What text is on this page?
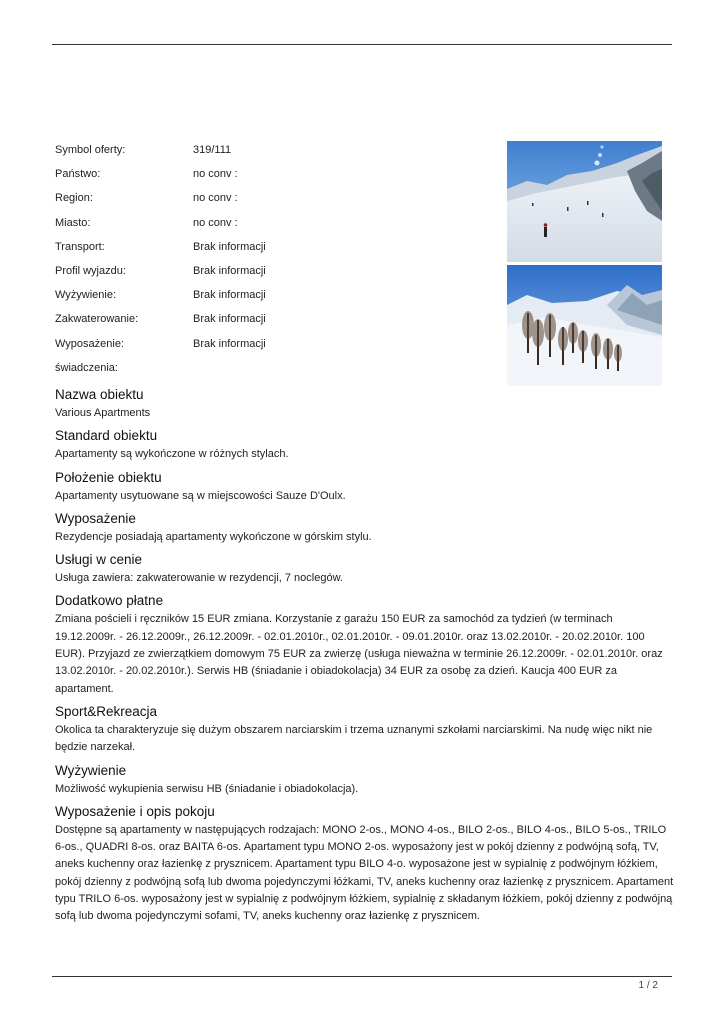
Symbol oferty:	319/111
Państwo:	no conv :
Region:	no conv :
Miasto:	no conv :
Transport:	Brak informacji
Profil wyjazdu:	Brak informacji
Wyżywienie:	Brak informacji
Zakwaterowanie:	Brak informacji
Wyposażenie:	Brak informacji
świadczenia:	
Nazwa obiektu

Various Apartments

Standard obiektu

Apartamenty są wykończone w różnych stylach.

Położenie obiektu

Apartamenty usytuowane są w miejscowości Sauze D'Oulx.

Wyposażenie

Rezydencje posiadają apartamenty wykończone w górskim stylu.

Usługi w cenie

Usługa zawiera: zakwaterowanie w rezydencji, 7 noclegów.

Dodatkowo płatne

Zmiana pościeli i ręczników 15 EUR zmiana. Korzystanie z garażu 150 EUR za samochód za tydzień (w terminach 19.12.2009r. - 26.12.2009r., 26.12.2009r. - 02.01.2010r., 02.01.2010r. - 09.01.2010r. oraz 13.02.2010r. - 20.02.2010r. 100 EUR). Przyjazd ze zwierzątkiem domowym 75 EUR za zwierzę (usługa nieważna w terminie 26.12.2009r. - 02.01.2010r. oraz 13.02.2010r. - 20.02.2010r.). Serwis HB (śniadanie i obiadokolacja) 34 EUR za osobę za dzień. Kaucja 400 EUR za apartament.

Sport&Rekreacja

Okolica ta charakteryzuje się dużym obszarem narciarskim i trzema uznanymi szkołami narciarskimi. Na nudę więc nikt nie będzie narzekał.

Wyżywienie

Możliwość wykupienia serwisu HB (śniadanie i obiadokolacja).

Wyposażenie i opis pokoju

Dostępne są apartamenty w następujących rodzajach: MONO 2-os., MONO 4-os., BILO 2-os., BILO 4-os., BILO 5-os., TRILO 6-os., QUADRI 8-os. oraz BAITA 6-os. Apartament typu MONO 2-os. wyposażony jest w pokój dzienny z podwójną sofą, TV, aneks kuchenny oraz łazienkę z prysznicem. Apartament typu BILO 4-o. wyposażone jest w sypialnię z podwójnym łóżkiem, pokój dzienny z podwójną sofą lub dwoma pojedynczymi łóżkami, TV, aneks kuchenny oraz łazienkę z prysznicem. Apartament typu TRILO 6-os. wyposażony jest w sypialnię z podwójnym łóżkiem, sypialnię z składanym łóżkiem, pokój dzienny z podwójną sofą lub dwoma pojedynczymi sofami, TV, aneks kuchenny oraz łazienkę z prysznicem.

1 / 2
